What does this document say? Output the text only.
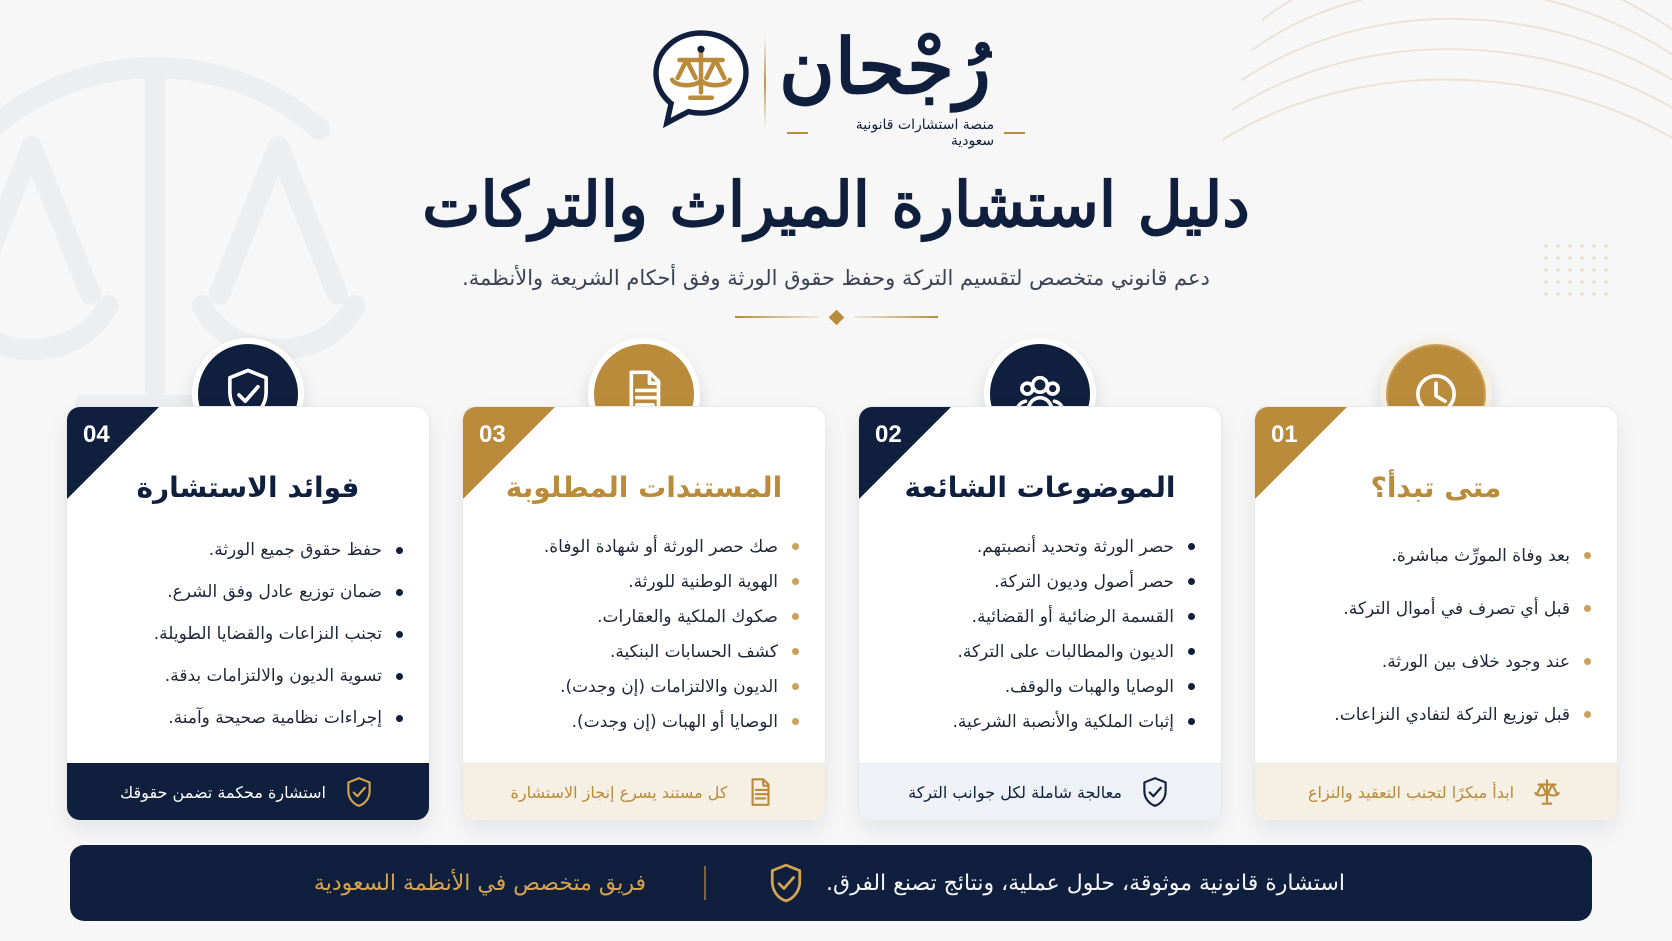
رُجْحان
منصة استشارات قانونية سعودية
دليل استشارة الميراث والتركات
دعم قانوني متخصص لتقسيم التركة وحفظ حقوق الورثة وفق أحكام الشريعة والأنظمة.
04
فوائد الاستشارة
حفظ حقوق جميع الورثة.
ضمان توزيع عادل وفق الشرع.
تجنب النزاعات والقضايا الطويلة.
تسوية الديون والالتزامات بدقة.
إجراءات نظامية صحيحة وآمنة.
استشارة محكمة تضمن حقوقك
03
المستندات المطلوبة
صك حصر الورثة أو شهادة الوفاة.
الهوية الوطنية للورثة.
صكوك الملكية والعقارات.
كشف الحسابات البنكية.
الديون والالتزامات (إن وجدت).
الوصايا أو الهبات (إن وجدت).
كل مستند يسرع إنجاز الاستشارة
02
الموضوعات الشائعة
حصر الورثة وتحديد أنصبتهم.
حصر أصول وديون التركة.
القسمة الرضائية أو القضائية.
الديون والمطالبات على التركة.
الوصايا والهبات والوقف.
إثبات الملكية والأنصبة الشرعية.
معالجة شاملة لكل جوانب التركة
01
متى تبدأ؟
بعد وفاة المورِّث مباشرة.
قبل أي تصرف في أموال التركة.
عند وجود خلاف بين الورثة.
قبل توزيع التركة لتفادي النزاعات.
ابدأ مبكرًا لتجنب التعقيد والنزاع
استشارة قانونية موثوقة، حلول عملية، ونتائج تصنع الفرق.
فريق متخصص في الأنظمة السعودية
